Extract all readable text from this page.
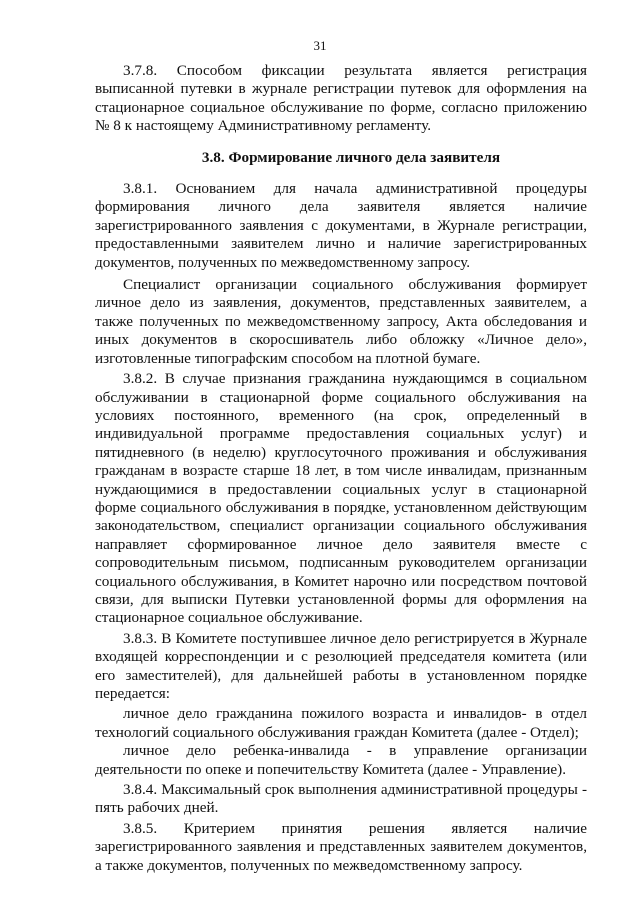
31

3.7.8. Способом фиксации результата является регистрация выписанной путевки в журнале регистрации путевок для оформления на стационарное социальное обслуживание по форме, согласно приложению № 8 к настоящему Административному регламенту.

3.8. Формирование личного дела заявителя

3.8.1. Основанием для начала административной процедуры формирования личного дела заявителя является наличие зарегистрированного заявления с документами, в Журнале регистрации, предоставленными заявителем лично и наличие зарегистрированных документов, полученных по межведомственному запросу.

Специалист организации социального обслуживания формирует личное дело из заявления, документов, представленных заявителем, а также полученных по межведомственному запросу, Акта обследования и иных документов в скоросшиватель либо обложку «Личное дело», изготовленные типографским способом на плотной бумаге.

3.8.2. В случае признания гражданина нуждающимся в социальном обслуживании в стационарной форме социального обслуживания на условиях постоянного, временного (на срок, определенный в индивидуальной программе предоставления социальных услуг) и пятидневного (в неделю) круглосуточного проживания и обслуживания гражданам в возрасте старше 18 лет, в том числе инвалидам, признанным нуждающимися в предоставлении социальных услуг в стационарной форме социального обслуживания в порядке, установленном действующим законодательством, специалист организации социального обслуживания направляет сформированное личное дело заявителя вместе с сопроводительным письмом, подписанным руководителем организации социального обслуживания, в Комитет нарочно или посредством почтовой связи, для выписки Путевки установленной формы для оформления на стационарное социальное обслуживание.

3.8.3. В Комитете поступившее личное дело регистрируется в Журнале входящей корреспонденции и с резолюцией председателя комитета (или его заместителей), для дальнейшей работы в установленном порядке передается:

личное дело гражданина пожилого возраста и инвалидов- в отдел технологий социального обслуживания граждан Комитета (далее - Отдел);

личное дело ребенка-инвалида - в управление организации деятельности по опеке и попечительству Комитета (далее - Управление).

3.8.4. Максимальный срок выполнения административной процедуры - пять рабочих дней.

3.8.5. Критерием принятия решения является наличие зарегистрированного заявления и представленных заявителем документов, а также документов, полученных по межведомственному запросу.
